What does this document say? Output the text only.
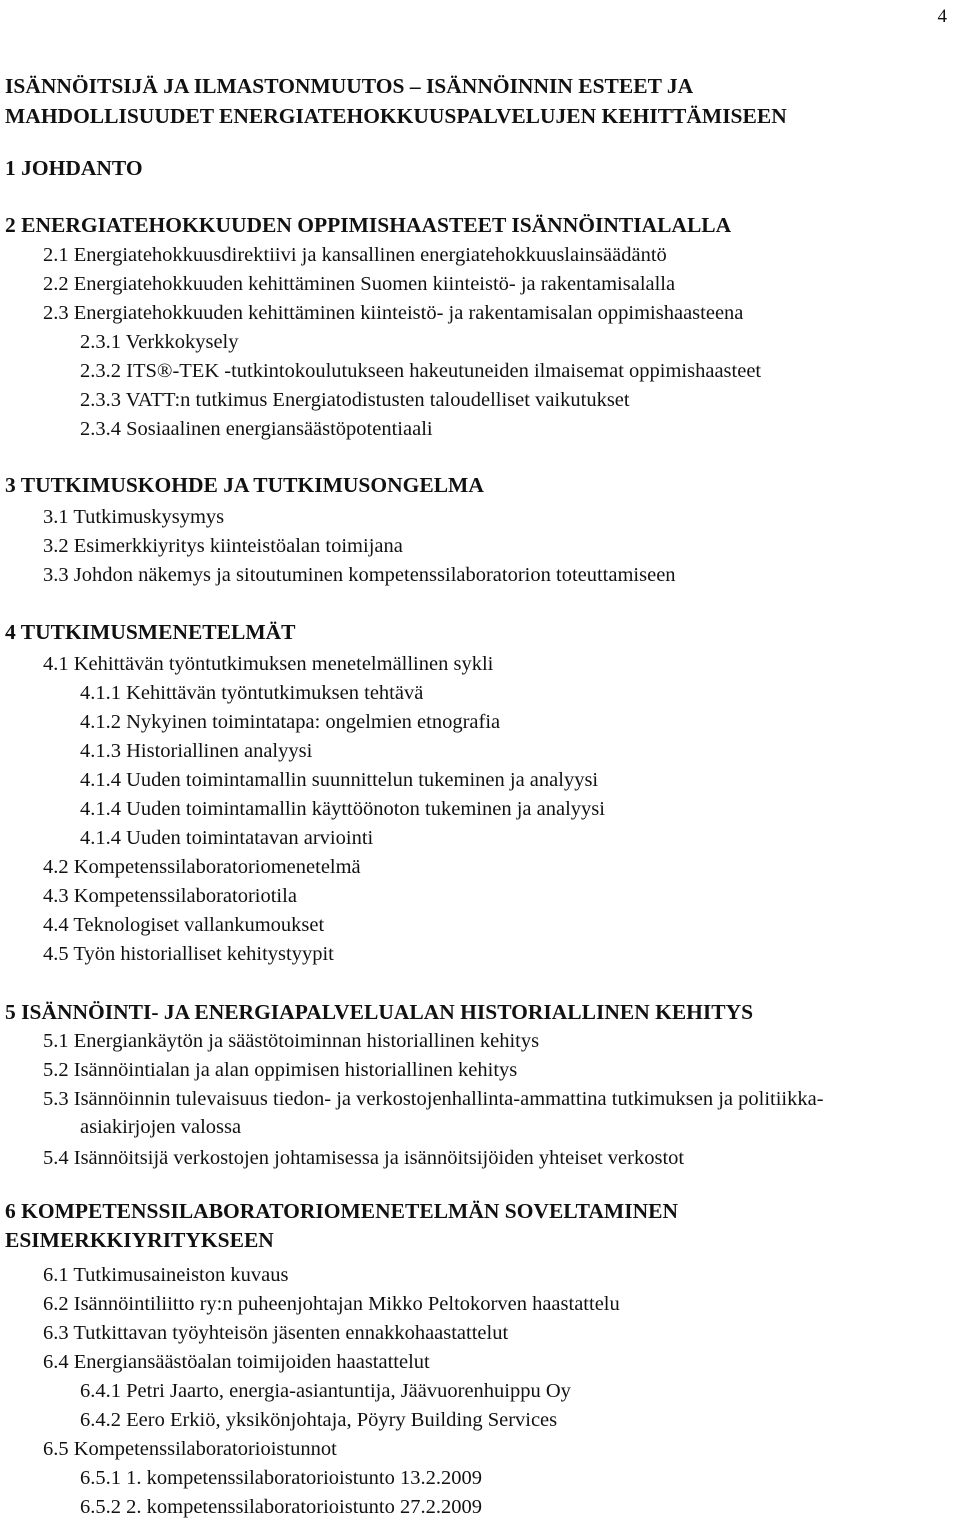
4
ISÄNNÖITSIJÄ JA ILMASTONMUUTOS – ISÄNNÖINNIN ESTEET JA
MAHDOLLISUUDET ENERGIATEHOKKUUSPALVELUJEN KEHITTÄMISEEN
1 JOHDANTO
2 ENERGIATEHOKKUUDEN OPPIMISHAASTEET ISÄNNÖINTIALALLA
2.1 Energiatehokkuusdirektiivi ja kansallinen energiatehokkuuslainsäädäntö
2.2 Energiatehokkuuden kehittäminen Suomen kiinteistö- ja rakentamisalalla
2.3 Energiatehokkuuden kehittäminen kiinteistö- ja rakentamisalan oppimishaasteena
2.3.1 Verkkokysely
2.3.2 ITS®-TEK -tutkintokoulutukseen hakeutuneiden ilmaisemat oppimishaasteet
2.3.3 VATT:n tutkimus Energiatodistusten taloudelliset vaikutukset
2.3.4 Sosiaalinen energiansäästöpotentiaali
3 TUTKIMUSKOHDE JA TUTKIMUSONGELMA
3.1 Tutkimuskysymys
3.2 Esimerkkiyritys kiinteistöalan toimijana
3.3 Johdon näkemys ja sitoutuminen kompetenssilaboratorion toteuttamiseen
4 TUTKIMUSMENETELMÄT
4.1 Kehittävän työntutkimuksen menetelmällinen sykli
4.1.1 Kehittävän työntutkimuksen tehtävä
4.1.2 Nykyinen toimintatapa: ongelmien etnografia
4.1.3 Historiallinen analyysi
4.1.4 Uuden toimintamallin suunnittelun tukeminen ja analyysi
4.1.4 Uuden toimintamallin käyttöönoton tukeminen ja analyysi
4.1.4 Uuden toimintatavan arviointi
4.2 Kompetenssilaboratoriomenetelmä
4.3 Kompetenssilaboratoriotila
4.4 Teknologiset vallankumoukset
4.5 Työn historialliset kehitystyypit
5 ISÄNNÖINTI- JA ENERGIAPALVELUALAN HISTORIALLINEN KEHITYS
5.1 Energiankäytön ja säästötoiminnan historiallinen kehitys
5.2 Isännöintialan ja alan oppimisen historiallinen kehitys
5.3 Isännöinnin tulevaisuus tiedon- ja verkostojenhallinta-ammattina tutkimuksen ja politiikka-asiakirjojen valossa
5.4 Isännöitsijä verkostojen johtamisessa ja isännöitsijöiden yhteiset verkostot
6 KOMPETENSSILABORATORIOMENETELMÄN SOVELTAMINEN
ESIMERKKIYRITYKSEEN
6.1 Tutkimusaineiston kuvaus
6.2 Isännöintiliitto ry:n puheenjohtajan Mikko Peltokorven haastattelu
6.3 Tutkittavan työyhteisön jäsenten ennakkohaastattelut
6.4 Energiansäästöalan toimijoiden haastattelut
6.4.1 Petri Jaarto, energia-asiantuntija, Jäävuorenhuippu Oy
6.4.2 Eero Erkiö, yksikönjohtaja, Pöyry Building Services
6.5 Kompetenssilaboratorioistunnot
6.5.1 1. kompetenssilaboratorioistunto 13.2.2009
6.5.2 2. kompetenssilaboratorioistunto 27.2.2009
